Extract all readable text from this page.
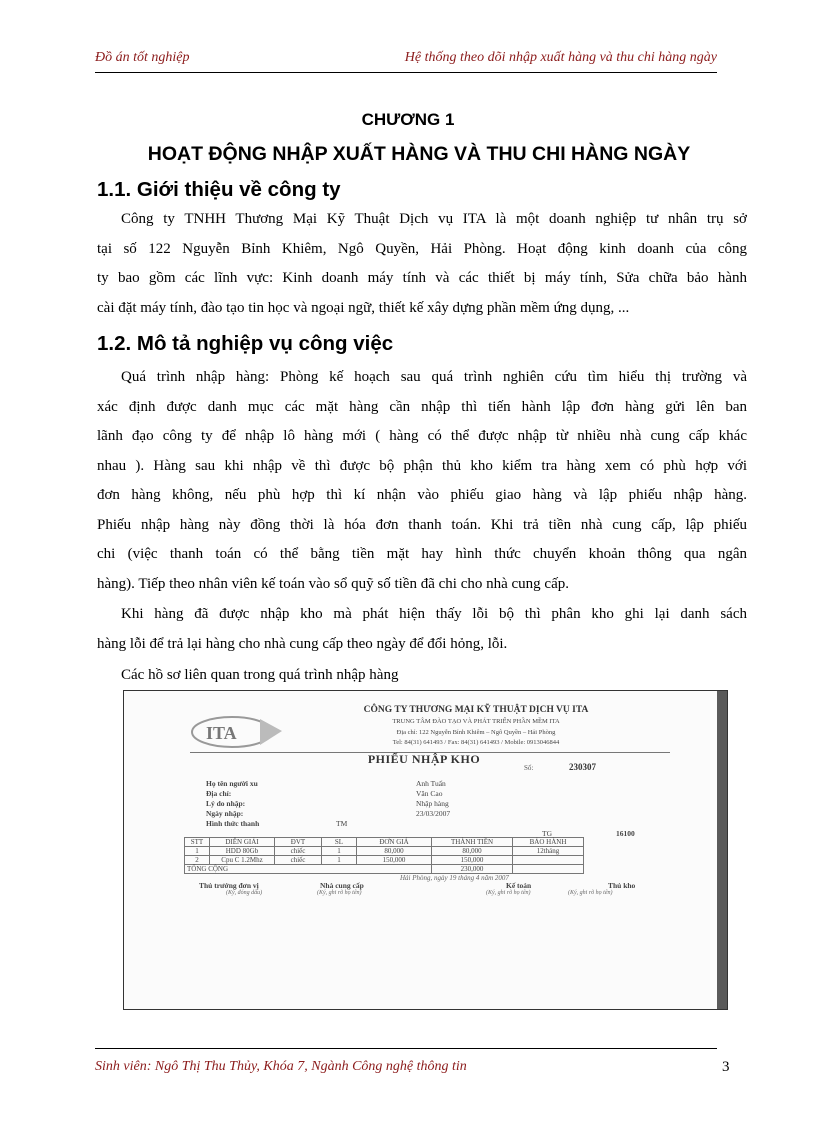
Đồ án tốt nghiệp	Hệ thống theo dõi nhập xuất hàng và thu chi hàng ngày
CHƯƠNG 1
HOẠT ĐỘNG NHẬP XUẤT HÀNG VÀ THU CHI HÀNG NGÀY
1.1. Giới thiệu về công ty
Công ty TNHH Thương Mại Kỹ Thuật Dịch vụ ITA là một doanh nghiệp tư nhân trụ sở
tại số 122 Nguyễn Bỉnh Khiêm, Ngô Quyền, Hải Phòng. Hoạt động kinh doanh của công
ty bao gồm các lĩnh vực: Kinh doanh máy tính và các thiết bị máy tính, Sửa chữa bảo hành
cài đặt máy tính, đào tạo tin học và ngoại ngữ, thiết kế xây dựng phần mềm ứng dụng, ...
1.2. Mô tả nghiệp vụ công việc
Quá trình nhập hàng: Phòng kế hoạch sau quá trình nghiên cứu tìm hiểu thị trường và
xác định được danh mục các mặt hàng cần nhập thì tiến hành lập đơn hàng gửi lên ban
lãnh đạo công ty để nhập lô hàng mới ( hàng có thể được nhập từ nhiều nhà cung cấp khác
nhau ). Hàng sau khi nhập về thì được bộ phận thủ kho kiểm tra hàng xem có phù hợp với
đơn hàng không, nếu phù hợp thì kí nhận vào phiếu giao hàng và lập phiếu nhập hàng.
Phiếu nhập hàng này đồng thời là hóa đơn thanh toán. Khi trả tiền nhà cung cấp, lập phiếu
chi (việc thanh toán có thể bằng tiền mặt hay hình thức chuyển khoản thông qua ngân
hàng). Tiếp theo nhân viên kế toán vào sổ quỹ số tiền đã chi cho nhà cung cấp.
Khi hàng đã được nhập kho mà phát hiện thấy lỗi bộ thì phân kho ghi lại danh sách
hàng lỗi để trả lại hàng cho nhà cung cấp theo ngày để đổi hỏng, lỗi.
Các hồ sơ liên quan trong quá trình nhập hàng
ITA
CÔNG TY THƯƠNG MẠI KỸ THUẬT DỊCH VỤ ITA
TRUNG TÂM ĐÀO TẠO VÀ PHÁT TRIỂN PHẦN MỀM ITA
Địa chỉ: 122 Nguyễn Bỉnh Khiêm – Ngô Quyền – Hải Phòng
Tel: 84(31) 641493 / Fax: 84(31) 641493 / Mobile: 0913046844
PHIẾU NHẬP KHO
Số:	230307
Họ tên người xu	Anh Tuấn
Địa chỉ:	Văn Cao
Lý do nhập:	Nhập hàng
Ngày nhập:	23/03/2007
Hình thức thanh	TM
TG	16100
STT	DIỄN GIẢI	ĐVT	SL	ĐƠN GIÁ	THÀNH TIỀN	BẢO HÀNH
1	HDD 80Gb	chiếc	1	80,000	80,000	12tháng
2	Cpu C 1.2Mhz	chiếc	1	150,000	150,000	
TỔNG CỘNG					230,000	
Hải Phòng, ngày 19 tháng 4 năm 2007
Thủ trưởng đơn vị
(Ký, đóng dấu)
Nhà cung cấp
(Ký, ghi rõ họ tên)
Kế toán
(Ký, ghi rõ họ tên)
Thủ kho
(Ký, ghi rõ họ tên)
Sinh viên: Ngô Thị Thu Thủy, Khóa 7, Ngành Công nghệ thông tin	3
